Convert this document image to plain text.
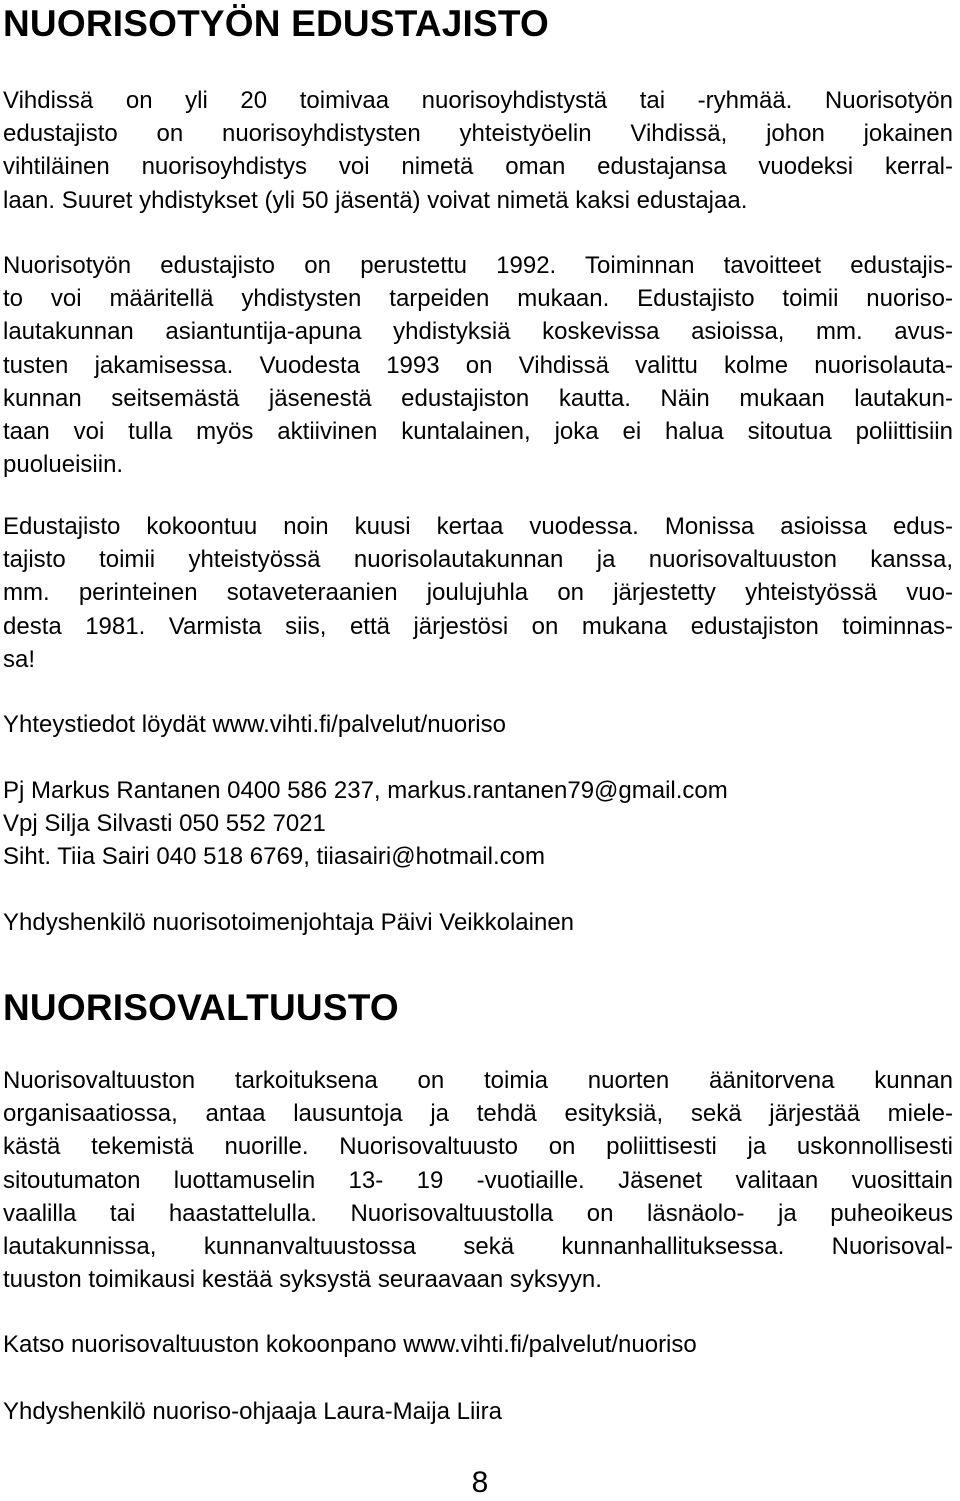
NUORISOTYÖN EDUSTAJISTO

Vihdissä on yli 20 toimivaa nuorisoyhdistystä tai -ryhmää. Nuorisotyön
edustajisto on nuorisoyhdistysten yhteistyöelin Vihdissä, johon jokainen
vihtiläinen nuorisoyhdistys voi nimetä oman edustajansa vuodeksi kerral-
laan. Suuret yhdistykset (yli 50 jäsentä) voivat nimetä kaksi edustajaa.

Nuorisotyön edustajisto on perustettu 1992. Toiminnan tavoitteet edustajis-
to voi määritellä yhdistysten tarpeiden mukaan. Edustajisto toimii nuoriso-
lautakunnan asiantuntija-apuna yhdistyksiä koskevissa asioissa, mm. avus-
tusten jakamisessa. Vuodesta 1993 on Vihdissä valittu kolme nuorisolauta-
kunnan seitsemästä jäsenestä edustajiston kautta. Näin mukaan lautakun-
taan voi tulla myös aktiivinen kuntalainen, joka ei halua sitoutua poliittisiin
puolueisiin.

Edustajisto kokoontuu noin kuusi kertaa vuodessa. Monissa asioissa edus-
tajisto toimii yhteistyössä nuorisolautakunnan ja nuorisovaltuuston kanssa,
mm. perinteinen sotaveteraanien joulujuhla on järjestetty yhteistyössä vuo-
desta 1981. Varmista siis, että järjestösi on mukana edustajiston toiminnas-
sa!

Yhteystiedot löydät www.vihti.fi/palvelut/nuoriso

Pj Markus Rantanen 0400 586 237, markus.rantanen79@gmail.com

Vpj Silja Silvasti 050 552 7021

Siht. Tiia Sairi 040 518 6769, tiiasairi@hotmail.com

Yhdyshenkilö nuorisotoimenjohtaja Päivi Veikkolainen

NUORISOVALTUUSTO

Nuorisovaltuuston tarkoituksena on toimia nuorten äänitorvena kunnan
organisaatiossa, antaa lausuntoja ja tehdä esityksiä, sekä järjestää miele-
kästä tekemistä nuorille. Nuorisovaltuusto on poliittisesti ja uskonnollisesti
sitoutumaton luottamuselin 13- 19 -vuotiaille. Jäsenet valitaan vuosittain
vaalilla tai haastattelulla. Nuorisovaltuustolla on läsnäolo- ja puheoikeus
lautakunnissa, kunnanvaltuustossa sekä kunnanhallituksessa. Nuorisoval-
tuuston toimikausi kestää syksystä seuraavaan syksyyn.

Katso nuorisovaltuuston kokoonpano www.vihti.fi/palvelut/nuoriso

Yhdyshenkilö nuoriso-ohjaaja Laura-Maija Liira

8
